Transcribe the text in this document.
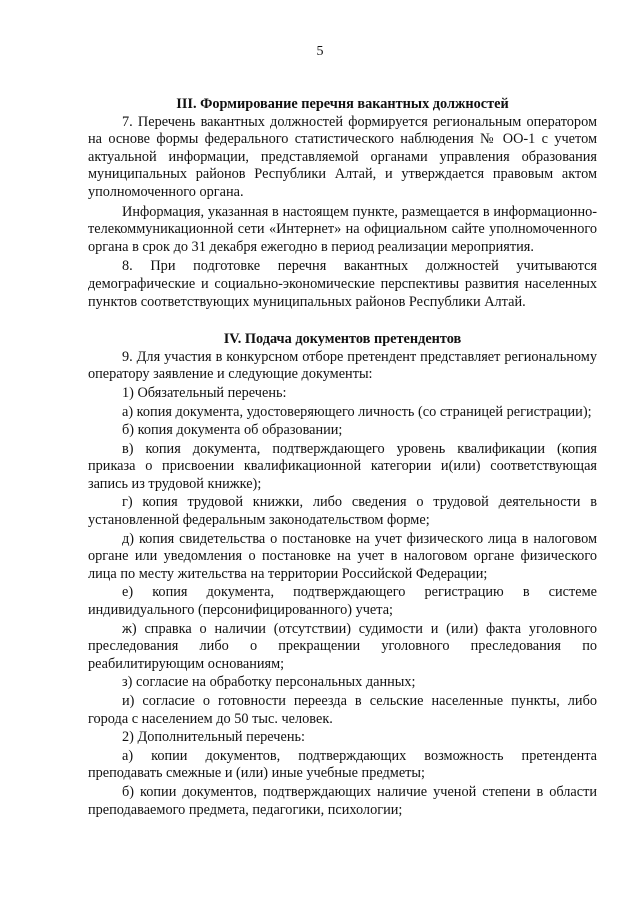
5
III. Формирование перечня вакантных должностей

7. Перечень вакантных должностей формируется региональным оператором на основе формы федерального статистического наблюдения № ОО-1 с учетом актуальной информации, представляемой органами управления образования муниципальных районов Республики Алтай, и утверждается правовым актом уполномоченного органа.

Информация, указанная в настоящем пункте, размещается в информационно-телекоммуникационной сети «Интернет» на официальном сайте уполномоченного органа в срок до 31 декабря ежегодно в период реализации мероприятия.

8. При подготовке перечня вакантных должностей учитываются демографические и социально-экономические перспективы развития населенных пунктов соответствующих муниципальных районов Республики Алтай.

IV. Подача документов претендентов

9. Для участия в конкурсном отборе претендент представляет региональному оператору заявление и следующие документы:

1) Обязательный перечень:

а) копия документа, удостоверяющего личность (со страницей регистрации);

б) копия документа об образовании;

в) копия документа, подтверждающего уровень квалификации (копия приказа о присвоении квалификационной категории и(или) соответствующая запись из трудовой книжке);

г) копия трудовой книжки, либо сведения о трудовой деятельности в установленной федеральным законодательством форме;

д) копия свидетельства о постановке на учет физического лица в налоговом органе или уведомления о постановке на учет в налоговом органе физического лица по месту жительства на территории Российской Федерации;

е) копия документа, подтверждающего регистрацию в системе индивидуального (персонифицированного) учета;

ж) справка о наличии (отсутствии) судимости и (или) факта уголовного преследования либо о прекращении уголовного преследования по реабилитирующим основаниям;

з) согласие на обработку персональных данных;

и) согласие о готовности переезда в сельские населенные пункты, либо города с населением до 50 тыс. человек.

2) Дополнительный перечень:

а) копии документов, подтверждающих возможность претендента преподавать смежные и (или) иные учебные предметы;

б) копии документов, подтверждающих наличие ученой степени в области преподаваемого предмета, педагогики, психологии;
